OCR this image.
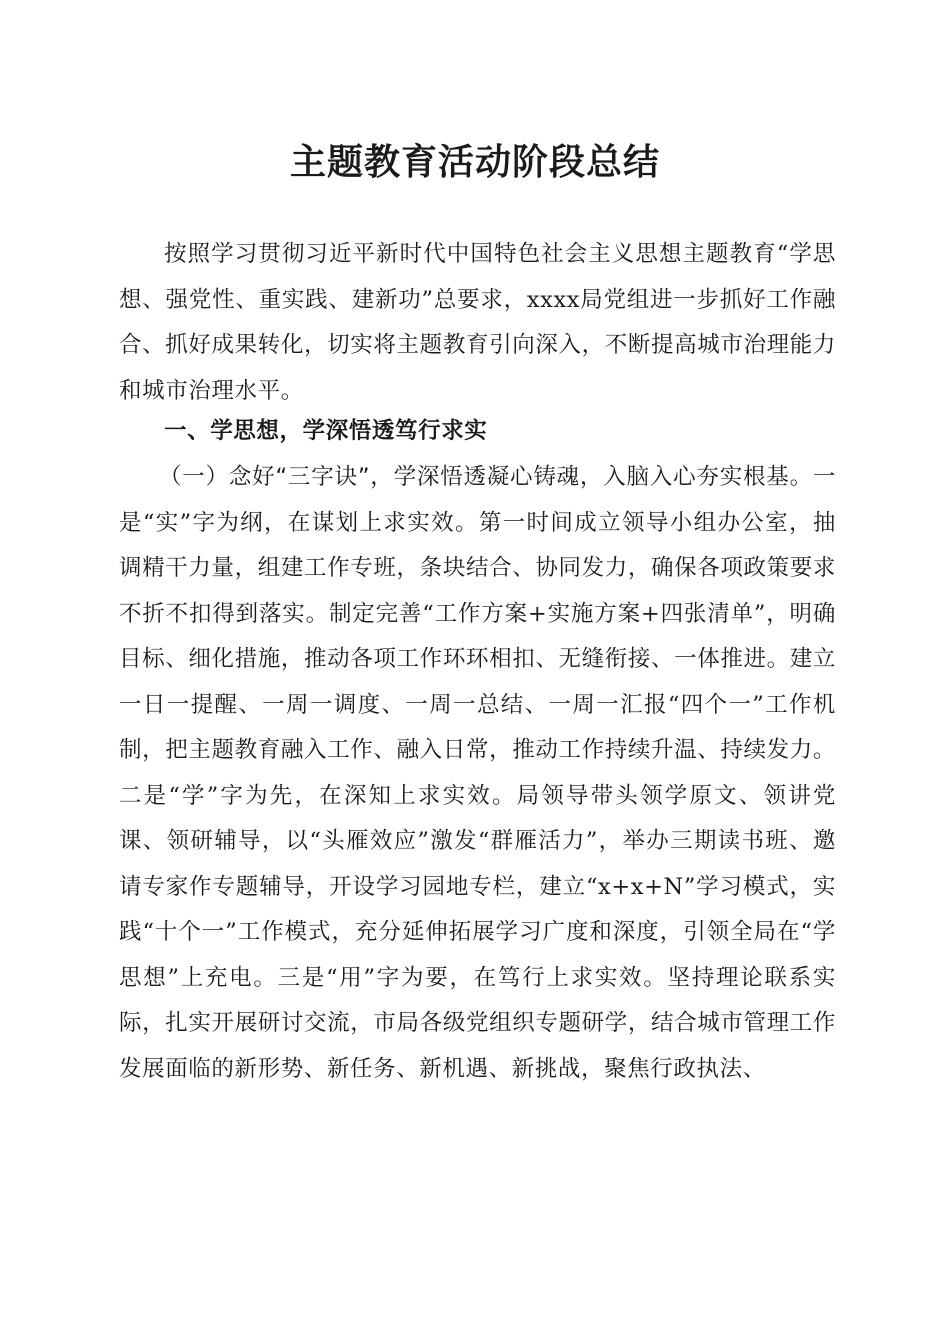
主题教育活动阶段总结

按照学习贯彻习近平新时代中国特色社会主义思想主题教育“学思想、强党性、重实践、建新功”总要求，xxxx局党组进一步抓好工作融合、抓好成果转化，切实将主题教育引向深入，不断提高城市治理能力和城市治理水平。

一、学思想，学深悟透笃行求实

（一）念好“三字诀”，学深悟透凝心铸魂，入脑入心夯实根基。一是“实”字为纲，在谋划上求实效。第一时间成立领导小组办公室，抽调精干力量，组建工作专班，条块结合、协同发力，确保各项政策要求不折不扣得到落实。制定完善“工作方案+实施方案+四张清单”，明确目标、细化措施，推动各项工作环环相扣、无缝衔接、一体推进。建立一日一提醒、一周一调度、一周一总结、一周一汇报“四个一”工作机制，把主题教育融入工作、融入日常，推动工作持续升温、持续发力。二是“学”字为先，在深知上求实效。局领导带头领学原文、领讲党课、领研辅导，以“头雁效应”激发“群雁活力”，举办三期读书班、邀请专家作专题辅导，开设学习园地专栏，建立“x+x+N”学习模式，实践“十个一”工作模式，充分延伸拓展学习广度和深度，引领全局在“学思想”上充电。三是“用”字为要，在笃行上求实效。坚持理论联系实际，扎实开展研讨交流，市局各级党组织专题研学，结合城市管理工作发展面临的新形势、新任务、新机遇、新挑战，聚焦行政执法、
